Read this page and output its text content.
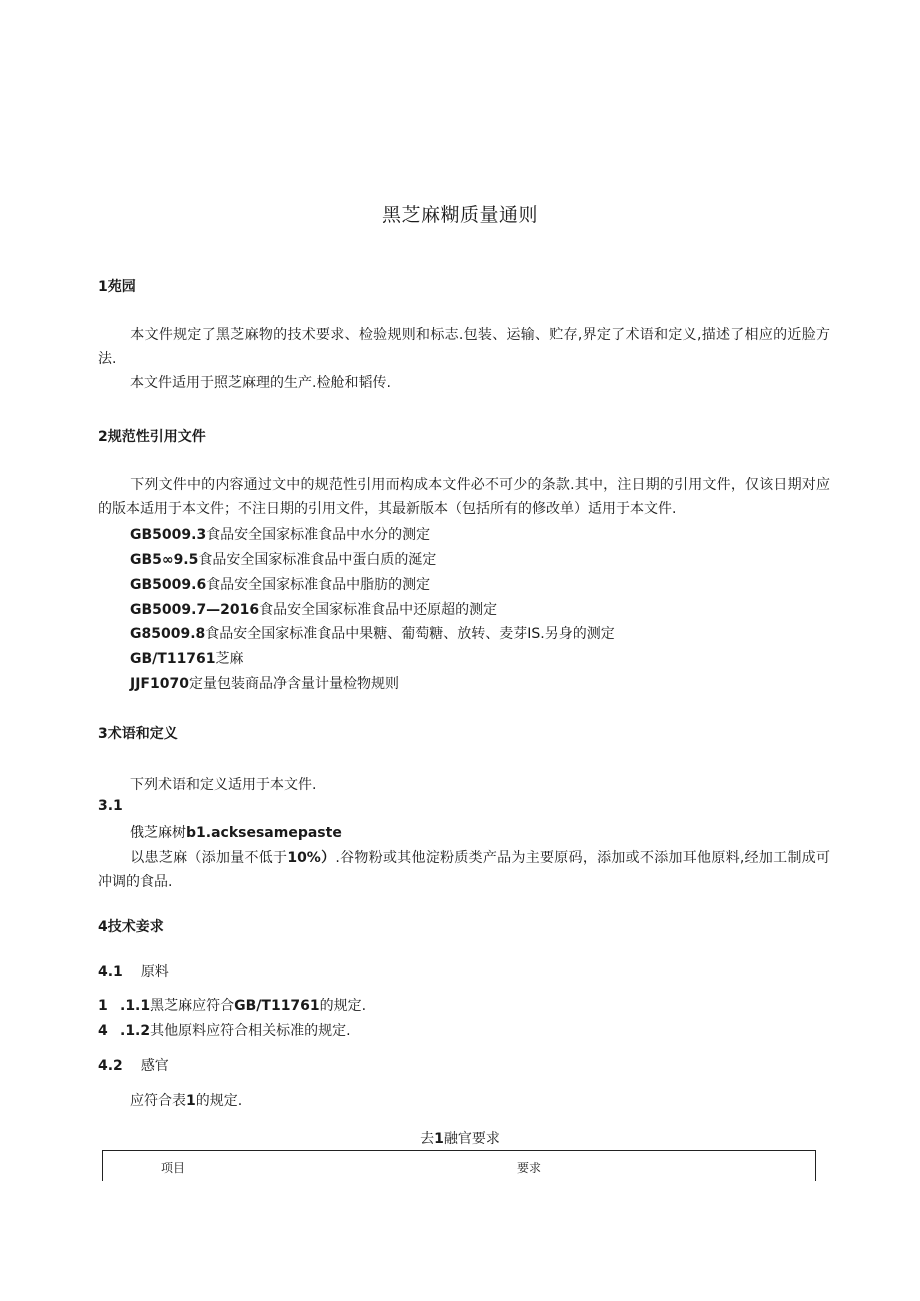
黑芝麻糊质量通则
1苑园
本文件规定了黑芝麻物的技术要求、检验规则和标志.包装、运输、贮存,界定了术语和定义,描述了相应的近脸方法.
本文件适用于照芝麻理的生产.检舱和韬传.
2规范性引用文件
下列文件中的内容通过文中的规范性引用而构成本文件必不可少的条款.其中，注日期的引用文件，仅该日期对应的版本适用于本文件；不注日期的引用文件，其最新版本（包括所有的修改单）适用于本文件.
GB5009.3食品安全国家标准食品中水分的测定
GB5∞9.5食品安全国家标准食品中蛋白质的涎定
GB5009.6食品安全国家标准食品中脂肪的测定
GB5009.7—2016食品安全国家标准食品中还原超的测定
G85009.8食品安全国家标准食品中果糖、葡萄糖、放转、麦芽IS.另身的测定
GB/T11761芝麻
JJF1070定量包装商品净含量计量检物规则
3术语和定义
下列术语和定义适用于本文件.
3.1
俄芝麻树b1.acksesamepaste
以患芝麻（添加量不低于10%）.谷物粉或其他淀粉质类产品为主要原码，添加或不添加耳他原料,经加工制成可冲调的食品.
4技术妾求
4.1 原料
1 .1.1黑芝麻应符合GB/T11761的规定.
4 .1.2其他原料应符合相关标准的规定.
4.2 感官
应符合表1的规定.
去1融官要求
项目	要求
